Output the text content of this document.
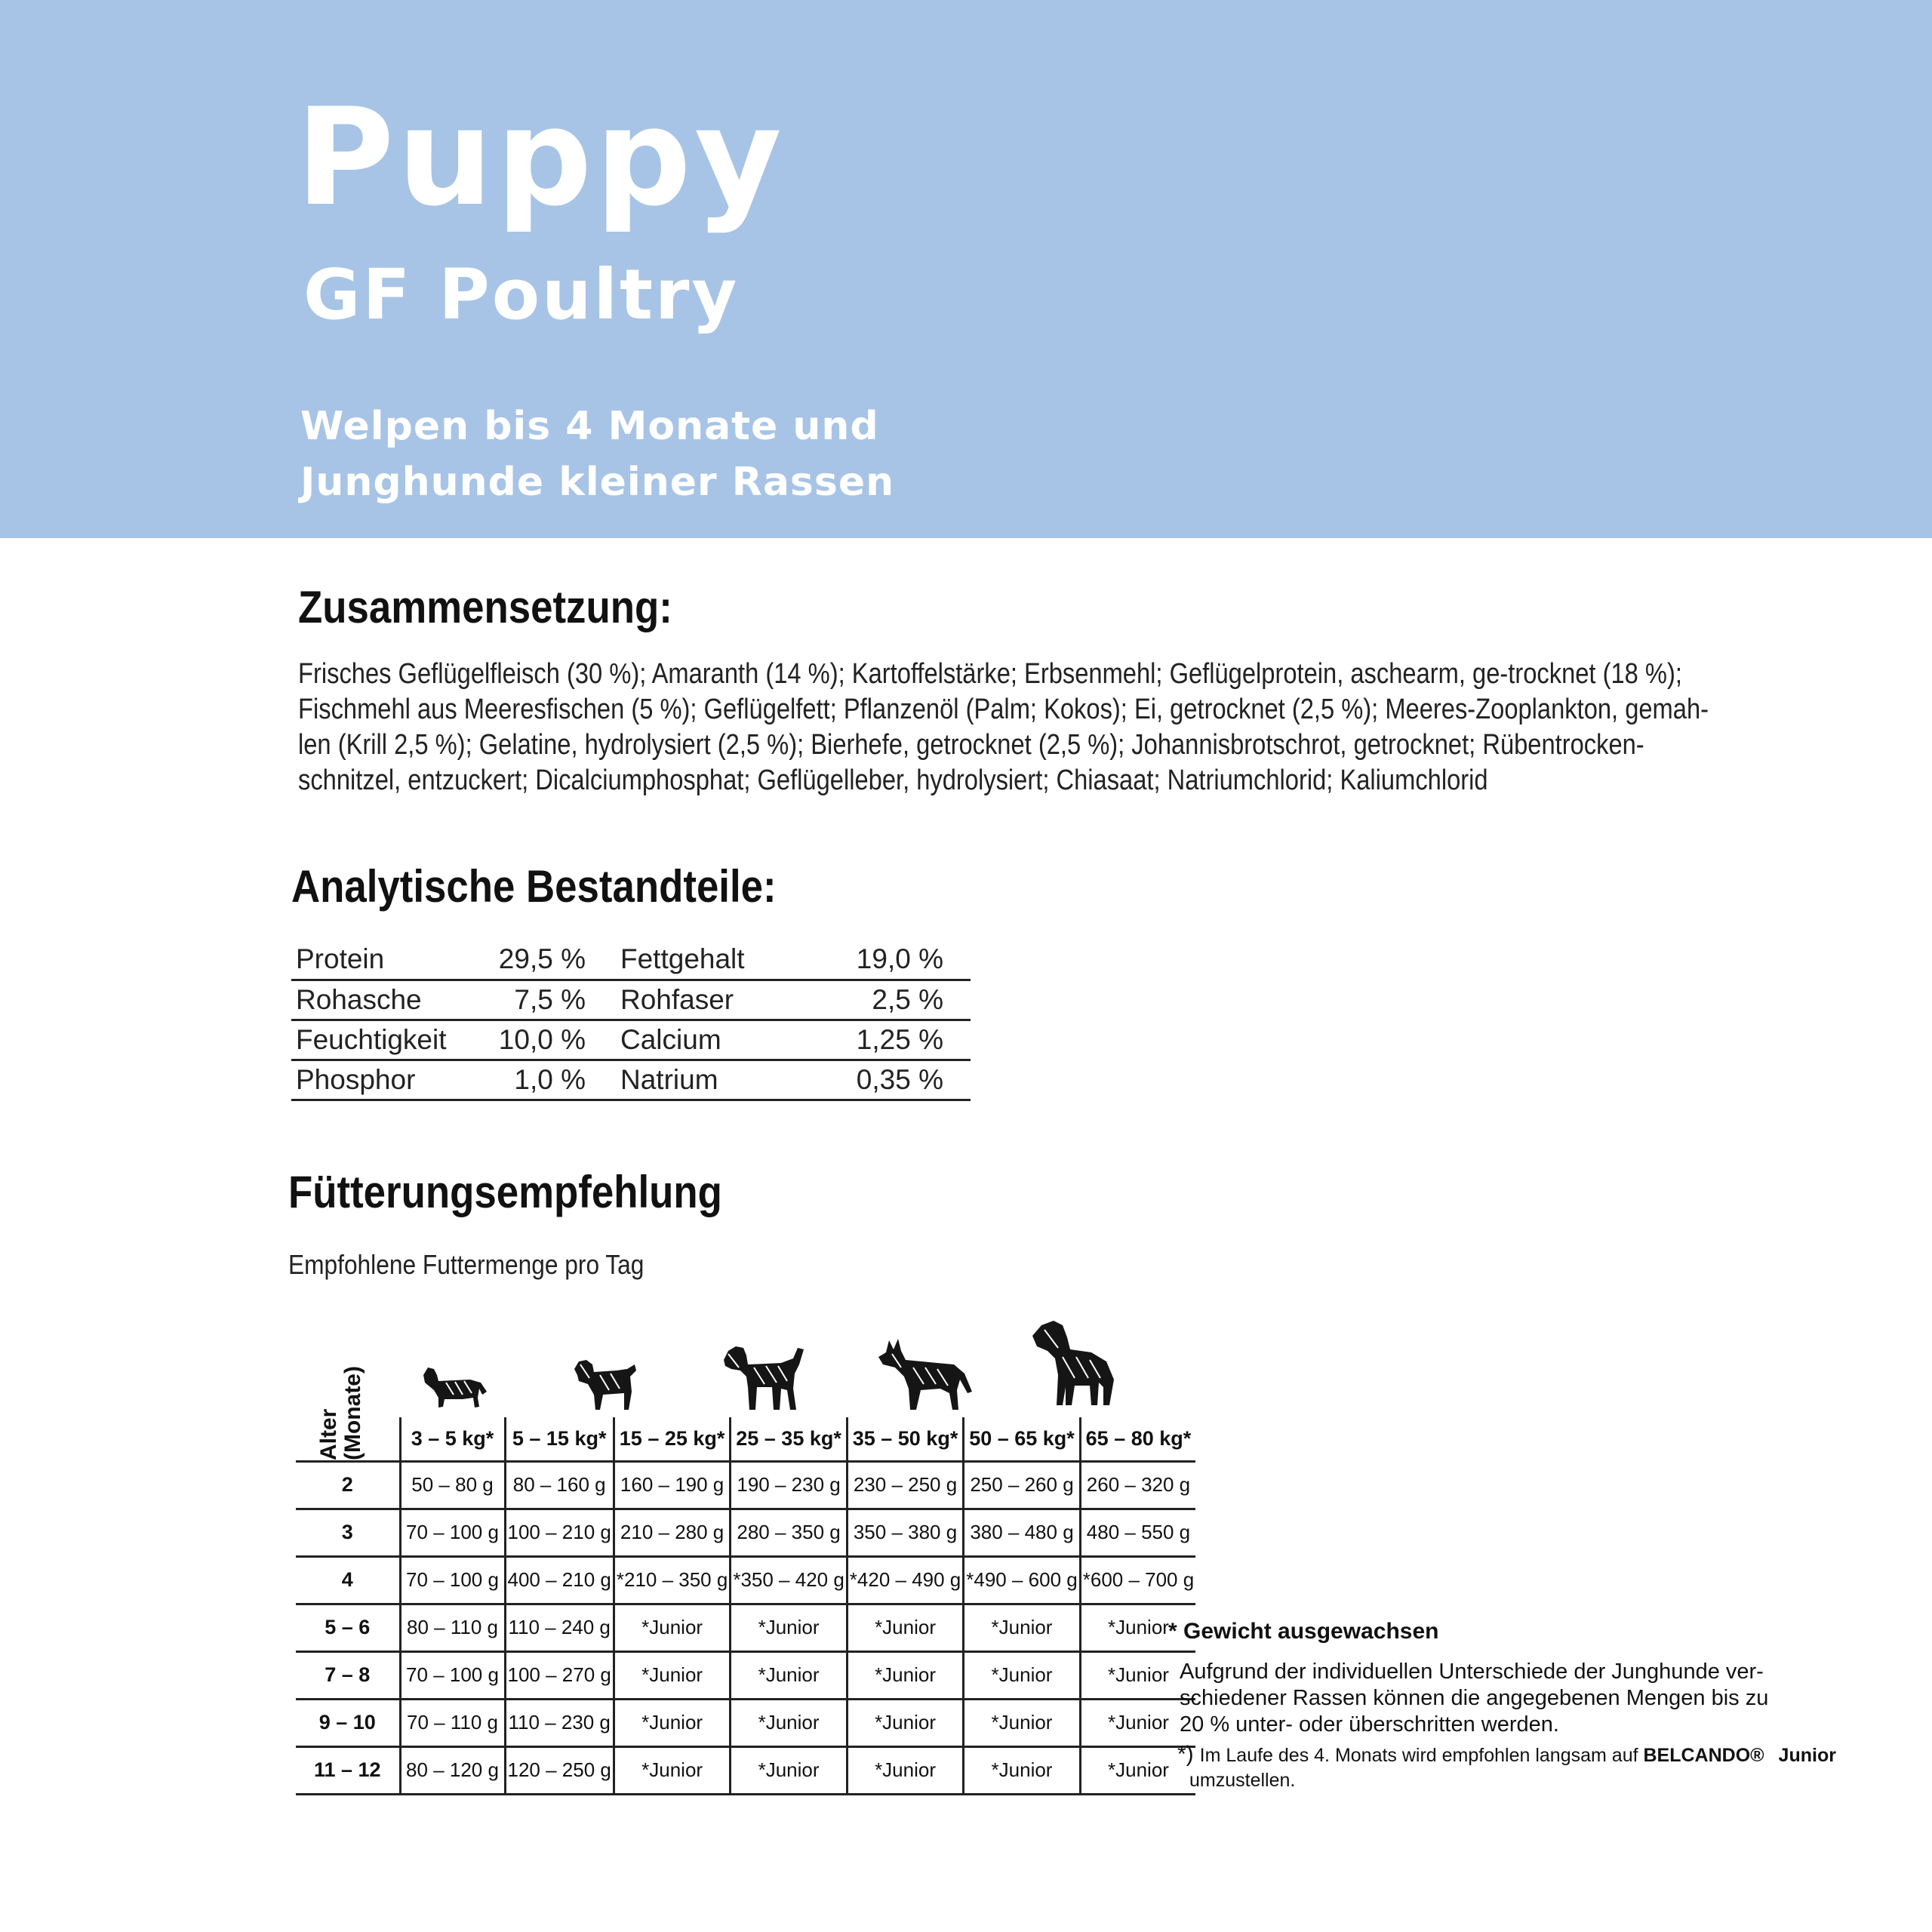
Puppy
GF Poultry
Welpen bis 4 Monate und
Junghunde kleiner Rassen
Zusammensetzung:
Frisches Geflügelfleisch (30 %); Amaranth (14 %); Kartoffelstärke; Erbsenmehl; Geflügelprotein, aschearm, ge-trocknet (18 %);
Fischmehl aus Meeresfischen (5 %); Geflügelfett; Pflanzenöl (Palm; Kokos); Ei, getrocknet (2,5 %); Meeres-Zooplankton, gemah-
len (Krill 2,5 %); Gelatine, hydrolysiert (2,5 %); Bierhefe, getrocknet (2,5 %); Johannisbrotschrot, getrocknet; Rübentrocken-
schnitzel, entzuckert; Dicalciumphosphat; Geflügelleber, hydrolysiert; Chiasaat; Natriumchlorid; Kaliumchlorid
Analytische Bestandteile:
Protein	29,5 %	Fettgehalt	19,0 %
Rohasche	7,5 %	Rohfaser	2,5 %
Feuchtigkeit	10,0 %	Calcium	1,25 %
Phosphor	1,0 %	Natrium	0,35 %
Fütterungsempfehlung
Empfohlene Futtermenge pro Tag
Alter (Monate)
	3 – 5 kg*	5 – 15 kg*	15 – 25 kg*	25 – 35 kg*	35 – 50 kg*	50 – 65 kg*	65 – 80 kg*
2	50 – 80 g	80 – 160 g	160 – 190 g	190 – 230 g	230 – 250 g	250 – 260 g	260 – 320 g
3	70 – 100 g	100 – 210 g	210 – 280 g	280 – 350 g	350 – 380 g	380 – 480 g	480 – 550 g
4	70 – 100 g	400 – 210 g	*210 – 350 g	*350 – 420 g	*420 – 490 g	*490 – 600 g	*600 – 700 g
5 – 6	80 – 110 g	110 – 240 g	*Junior	*Junior	*Junior	*Junior	*Junior
7 – 8	70 – 100 g	100 – 270 g	*Junior	*Junior	*Junior	*Junior	*Junior
9 – 10	70 – 110 g	110 – 230 g	*Junior	*Junior	*Junior	*Junior	*Junior
11 – 12	80 – 120 g	120 – 250 g	*Junior	*Junior	*Junior	*Junior	*Junior
* Gewicht ausgewachsen
Aufgrund der individuellen Unterschiede der Junghunde ver-
schiedener Rassen können die angegebenen Mengen bis zu
20 % unter- oder überschritten werden.
*) Im Laufe des 4. Monats wird empfohlen langsam auf BELCANDO® Junior
umzustellen.
